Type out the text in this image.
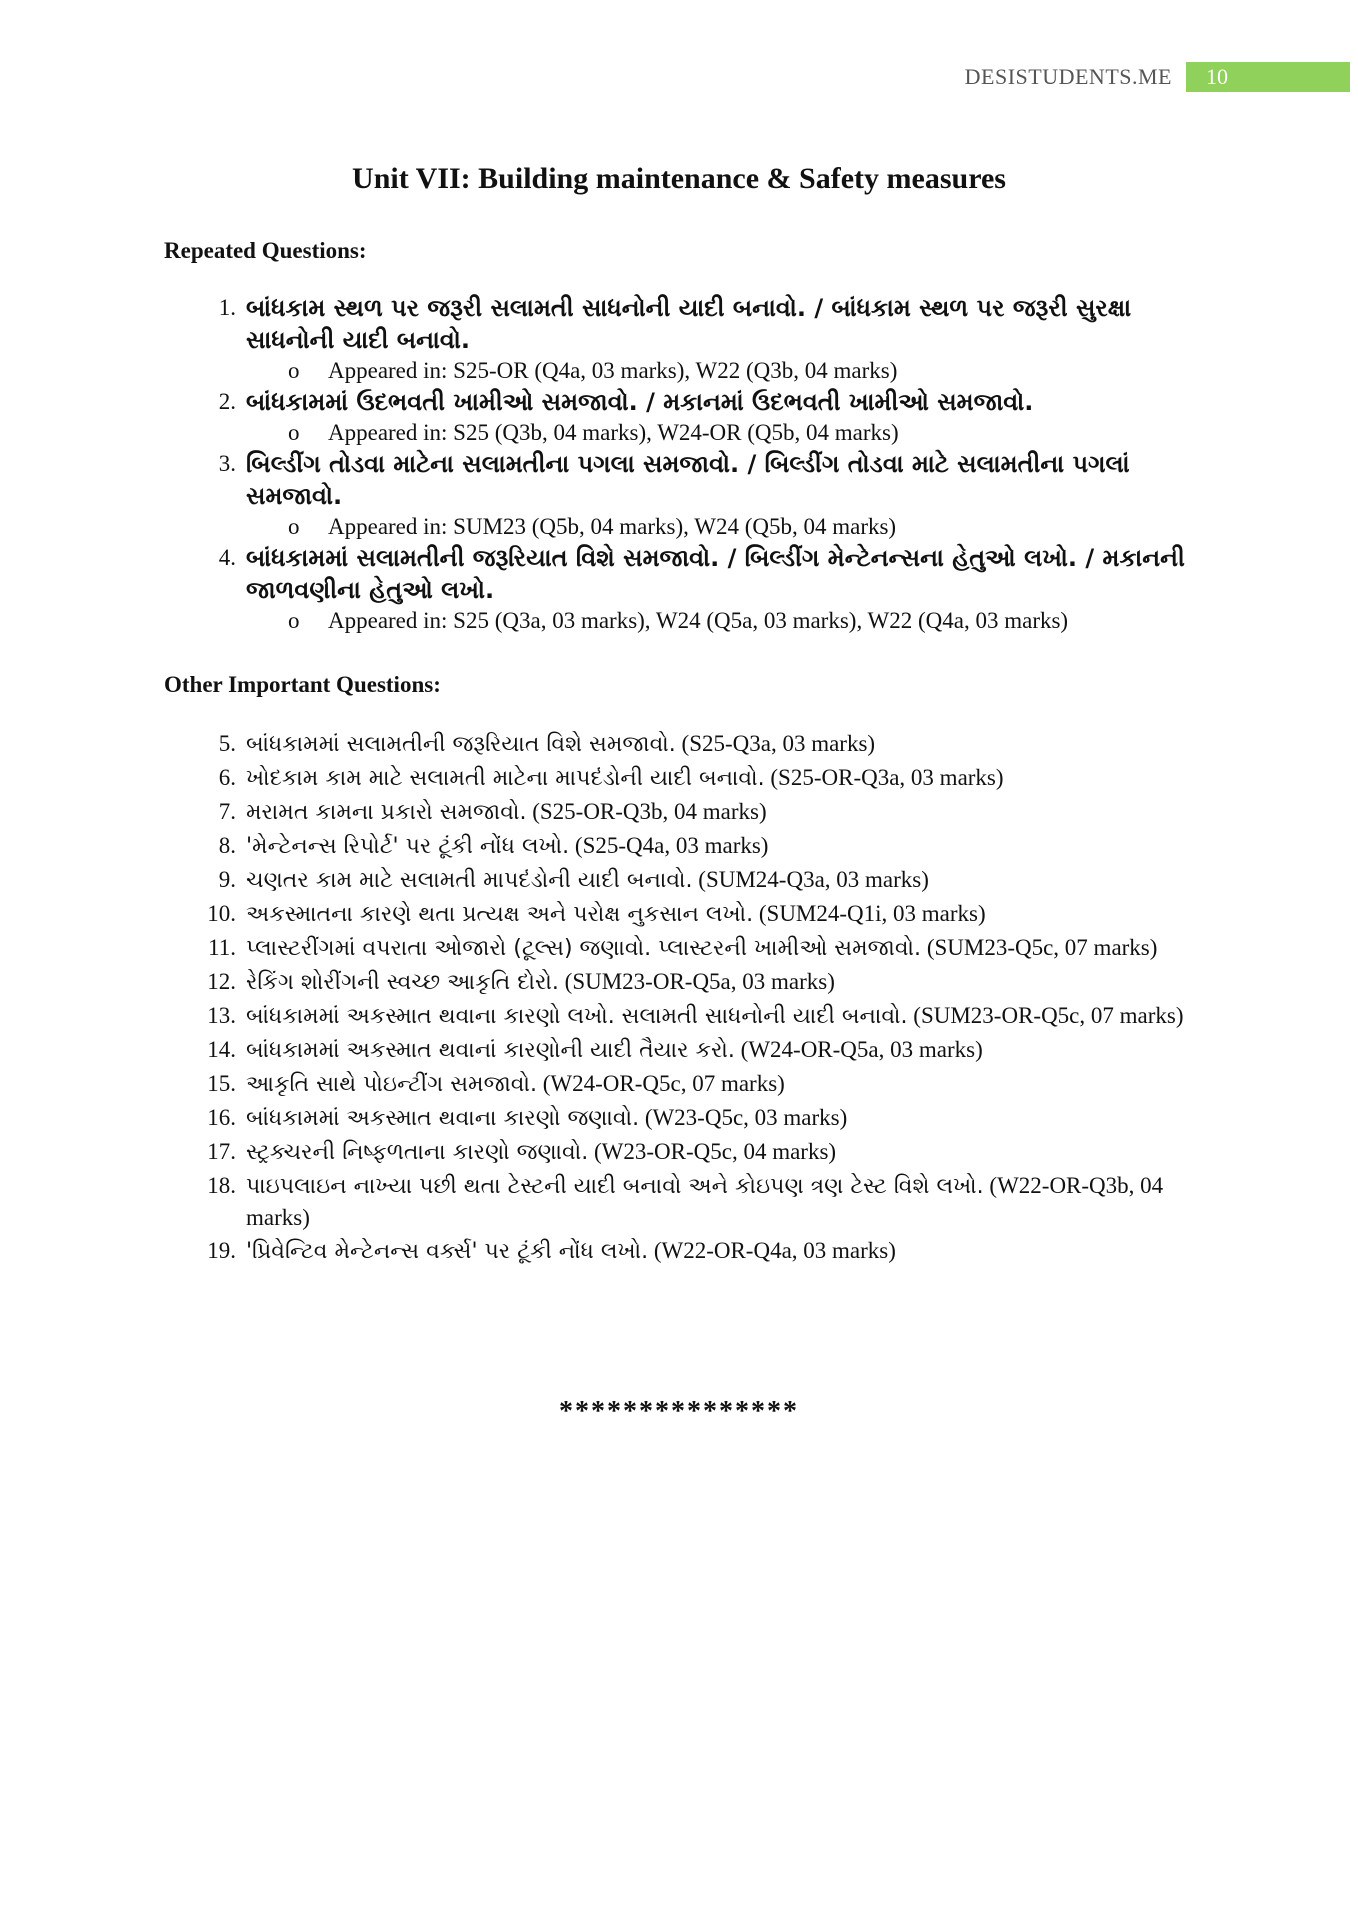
DESISTUDENTS.ME	10
Unit VII: Building maintenance & Safety measures
Repeated Questions:
1. બાંધકામ સ્થળ પર જરૂરી સલામતી સાધનોની યાદી બનાવો. / બાંધકામ સ્થળ પર જરૂરી સુરક્ષા સાધનોની યાદી બનાવો.
o Appeared in: S25-OR (Q4a, 03 marks), W22 (Q3b, 04 marks)
2. બાંધકામમાં ઉદભવતી ખામીઓ સમજાવો. / મકાનમાં ઉદભવતી ખામીઓ સમજાવો.
o Appeared in: S25 (Q3b, 04 marks), W24-OR (Q5b, 04 marks)
3. બિલ્ડીંગ તોડવા માટેના સલામતીના પગલા સમજાવો. / બિલ્ડીંગ તોડવા માટે સલામતીના પગલાં સમજાવો.
o Appeared in: SUM23 (Q5b, 04 marks), W24 (Q5b, 04 marks)
4. બાંધકામમાં સલામતીની જરૂરિયાત વિશે સમજાવો. / બિલ્ડીંગ મેન્ટેનન્સના હેતુઓ લખો. / મકાનની જાળવણીના હેતુઓ લખો.
o Appeared in: S25 (Q3a, 03 marks), W24 (Q5a, 03 marks), W22 (Q4a, 03 marks)
Other Important Questions:
5. બાંધકામમાં સલામતીની જરૂરિયાત વિશે સમજાવો. (S25-Q3a, 03 marks)
6. ખોદકામ કામ માટે સલામતી માટેના માપદંડોની યાદી બનાવો. (S25-OR-Q3a, 03 marks)
7. મરામત કામના પ્રકારો સમજાવો. (S25-OR-Q3b, 04 marks)
8. 'મેન્ટેનન્સ રિપોર્ટ' પર ટૂંકી નોંધ લખો. (S25-Q4a, 03 marks)
9. ચણતર કામ માટે સલામતી માપદંડોની યાદી બનાવો. (SUM24-Q3a, 03 marks)
10. અકસ્માતના કારણે થતા પ્રત્યક્ષ અને પરોક્ષ નુકસાન લખો. (SUM24-Q1i, 03 marks)
11. પ્લાસ્ટરીંગમાં વપરાતા ઓજારો (ટૂલ્સ) જણાવો. પ્લાસ્ટરની ખામીઓ સમજાવો. (SUM23-Q5c, 07 marks)
12. રેકિંગ શોરીંગની સ્વચ્છ આકૃતિ દોરો. (SUM23-OR-Q5a, 03 marks)
13. બાંધકામમાં અકસ્માત થવાના કારણો લખો. સલામતી સાધનોની યાદી બનાવો. (SUM23-OR-Q5c, 07 marks)
14. બાંધકામમાં અકસ્માત થવાનાં કારણોની યાદી તૈયાર કરો. (W24-OR-Q5a, 03 marks)
15. આકૃતિ સાથે પોઇન્ટીંગ સમજાવો. (W24-OR-Q5c, 07 marks)
16. બાંધકામમાં અકસ્માત થવાના કારણો જણાવો. (W23-Q5c, 03 marks)
17. સ્ટ્રક્ચરની નિષ્ફળતાના કારણો જણાવો. (W23-OR-Q5c, 04 marks)
18. પાઇપલાઇન નાખ્યા પછી થતા ટેસ્ટની યાદી બનાવો અને કોઇપણ ત્રણ ટેસ્ટ વિશે લખો. (W22-OR-Q3b, 04 marks)
19. 'પ્રિવેન્ટિવ મેન્ટેનન્સ વર્ક્સ' પર ટૂંકી નોંધ લખો. (W22-OR-Q4a, 03 marks)
***************
